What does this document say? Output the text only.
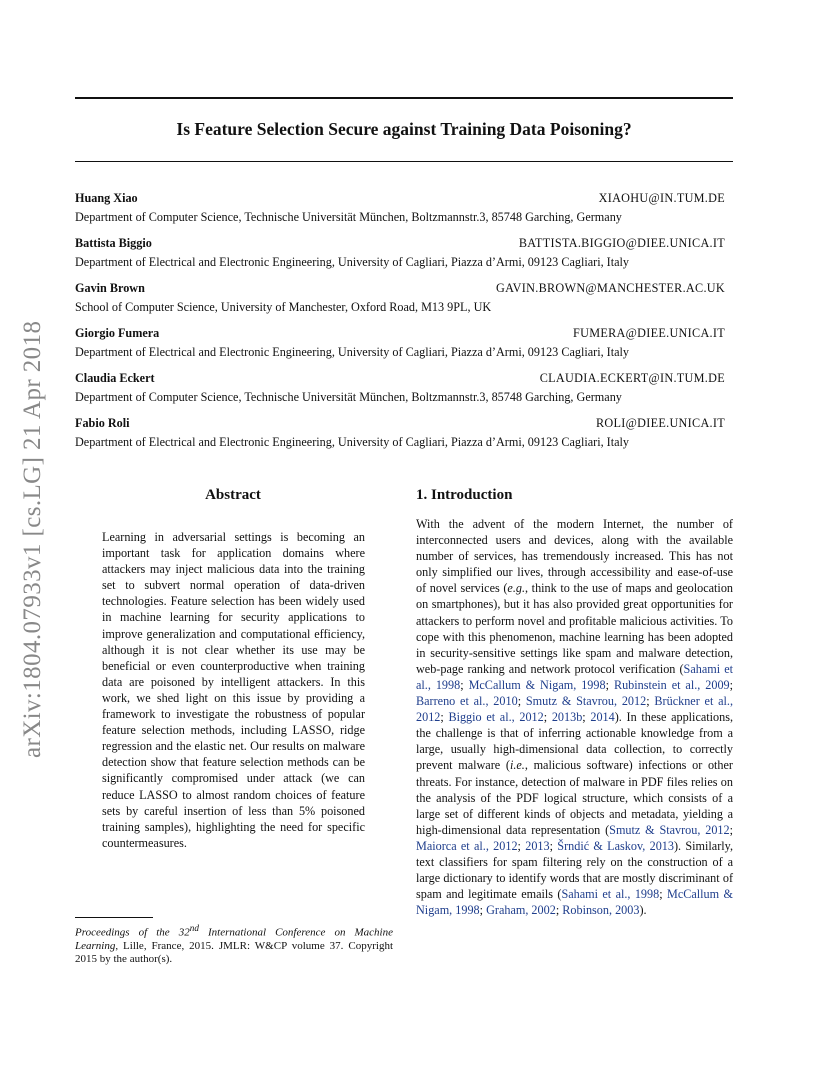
arXiv:1804.07933v1 [cs.LG] 21 Apr 2018
Is Feature Selection Secure against Training Data Poisoning?
Huang Xiao	XIAOHU@IN.TUM.DE
Department of Computer Science, Technische Universität München, Boltzmannstr.3, 85748 Garching, Germany
Battista Biggio	BATTISTA.BIGGIO@DIEE.UNICA.IT
Department of Electrical and Electronic Engineering, University of Cagliari, Piazza d’Armi, 09123 Cagliari, Italy
Gavin Brown	GAVIN.BROWN@MANCHESTER.AC.UK
School of Computer Science, University of Manchester, Oxford Road, M13 9PL, UK
Giorgio Fumera	FUMERA@DIEE.UNICA.IT
Department of Electrical and Electronic Engineering, University of Cagliari, Piazza d’Armi, 09123 Cagliari, Italy
Claudia Eckert	CLAUDIA.ECKERT@IN.TUM.DE
Department of Computer Science, Technische Universität München, Boltzmannstr.3, 85748 Garching, Germany
Fabio Roli	ROLI@DIEE.UNICA.IT
Department of Electrical and Electronic Engineering, University of Cagliari, Piazza d’Armi, 09123 Cagliari, Italy
Abstract
Learning in adversarial settings is becoming an important task for application domains where attackers may inject malicious data into the training set to subvert normal operation of data-driven technologies. Feature selection has been widely used in machine learning for security applications to improve generalization and computational efficiency, although it is not clear whether its use may be beneficial or even counterproductive when training data are poisoned by intelligent attackers. In this work, we shed light on this issue by providing a framework to investigate the robustness of popular feature selection methods, including LASSO, ridge regression and the elastic net. Our results on malware detection show that feature selection methods can be significantly compromised under attack (we can reduce LASSO to almost random choices of feature sets by careful insertion of less than 5% poisoned training samples), highlighting the need for specific countermeasures.
Proceedings of the 32nd International Conference on Machine Learning, Lille, France, 2015. JMLR: W&CP volume 37. Copyright 2015 by the author(s).
1. Introduction
With the advent of the modern Internet, the number of interconnected users and devices, along with the available number of services, has tremendously increased. This has not only simplified our lives, through accessibility and ease-of-use of novel services (e.g., think to the use of maps and geolocation on smartphones), but it has also provided great opportunities for attackers to perform novel and profitable malicious activities. To cope with this phenomenon, machine learning has been adopted in security-sensitive settings like spam and malware detection, web-page ranking and network protocol verification (Sahami et al., 1998; McCallum & Nigam, 1998; Rubinstein et al., 2009; Barreno et al., 2010; Smutz & Stavrou, 2012; Brückner et al., 2012; Biggio et al., 2012; 2013b; 2014). In these applications, the challenge is that of inferring actionable knowledge from a large, usually high-dimensional data collection, to correctly prevent malware (i.e., malicious software) infections or other threats. For instance, detection of malware in PDF files relies on the analysis of the PDF logical structure, which consists of a large set of different kinds of objects and metadata, yielding a high-dimensional data representation (Smutz & Stavrou, 2012; Maiorca et al., 2012; 2013; Šrndić & Laskov, 2013). Similarly, text classifiers for spam filtering rely on the construction of a large dictionary to identify words that are mostly discriminant of spam and legitimate emails (Sahami et al., 1998; McCallum & Nigam, 1998; Graham, 2002; Robinson, 2003).
